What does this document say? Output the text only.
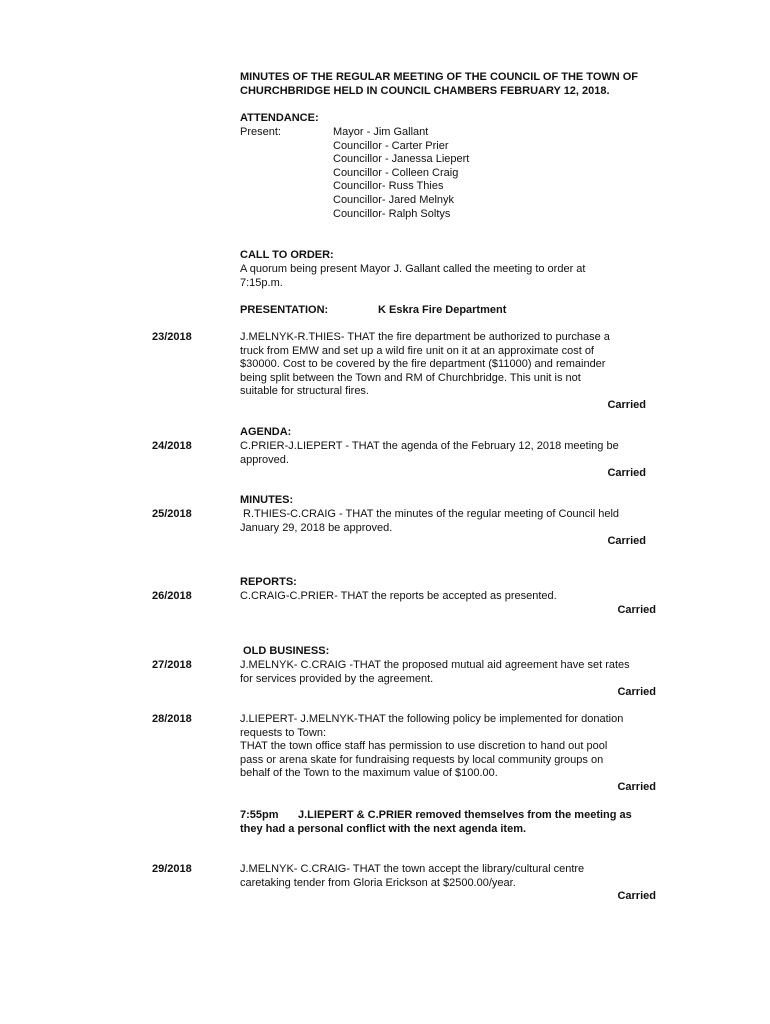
MINUTES OF THE REGULAR MEETING OF THE COUNCIL OF THE TOWN OF
CHURCHBRIDGE HELD IN COUNCIL CHAMBERS FEBRUARY 12, 2018.
ATTENDANCE:
Present:	Mayor - Jim Gallant
Councillor - Carter Prier
Councillor - Janessa Liepert
Councillor - Colleen Craig
Councillor- Russ Thies
Councillor- Jared Melnyk
Councillor- Ralph Soltys
CALL TO ORDER:
A quorum being present Mayor J. Gallant called the meeting to order at
7:15p.m.
PRESENTATION:	K Eskra Fire Department
23/2018	J.MELNYK-R.THIES- THAT the fire department be authorized to purchase a
truck from EMW and set up a wild fire unit on it at an approximate cost of
$30000. Cost to be covered by the fire department ($11000) and remainder
being split between the Town and RM of Churchbridge. This unit is not
suitable for structural fires.
Carried
AGENDA:
24/2018	C.PRIER-J.LIEPERT - THAT the agenda of the February 12, 2018 meeting be
approved.
Carried
MINUTES:
25/2018	R.THIES-C.CRAIG - THAT the minutes of the regular meeting of Council held
January 29, 2018 be approved.
Carried
REPORTS:
26/2018	C.CRAIG-C.PRIER- THAT the reports be accepted as presented.
Carried
OLD BUSINESS:
27/2018	J.MELNYK- C.CRAIG -THAT the proposed mutual aid agreement have set rates
for services provided by the agreement.
Carried
28/2018	J.LIEPERT- J.MELNYK-THAT the following policy be implemented for donation
requests to Town:
THAT the town office staff has permission to use discretion to hand out pool
pass or arena skate for fundraising requests by local community groups on
behalf of the Town to the maximum value of $100.00.
Carried
7:55pm J.LIEPERT & C.PRIER removed themselves from the meeting as
they had a personal conflict with the next agenda item.
29/2018	J.MELNYK- C.CRAIG- THAT the town accept the library/cultural centre
caretaking tender from Gloria Erickson at $2500.00/year.
Carried
